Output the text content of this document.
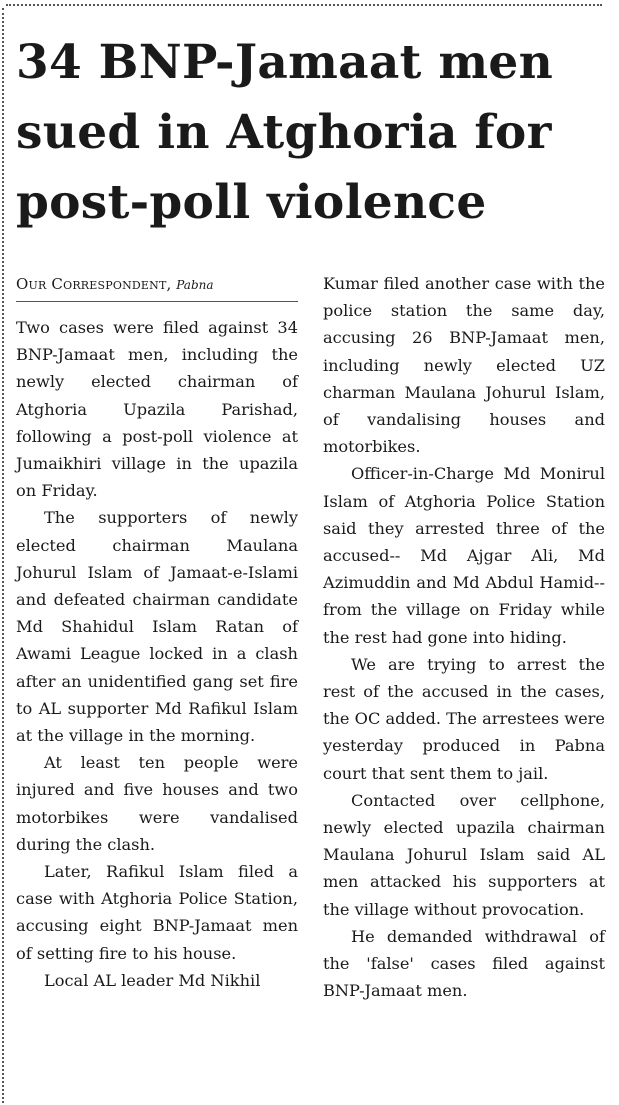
34 BNP-Jamaat men sued in Atghoria for post-poll violence
Our Correspondent, Pabna

Two cases were filed against 34 BNP-Jamaat men, including the newly elected chairman of Atghoria Upazila Parishad, following a post-poll violence at Jumaikhiri village in the upazila on Friday.

The supporters of newly elected chairman Maulana Johurul Islam of Jamaat-e-Islami and defeated chairman candidate Md Shahidul Islam Ratan of Awami League locked in a clash after an unidentified gang set fire to AL supporter Md Rafikul Islam at the village in the morning.

At least ten people were injured and five houses and two motorbikes were vandalised during the clash.

Later, Rafikul Islam filed a case with Atghoria Police Station, accusing eight BNP-Jamaat men of setting fire to his house.

Local AL leader Md Nikhil

Kumar filed another case with the police station the same day, accusing 26 BNP-Jamaat men, including newly elected UZ charman Maulana Johurul Islam, of vandalising houses and motorbikes.

Officer-in-Charge Md Monirul Islam of Atghoria Police Station said they arrested three of the accused-- Md Ajgar Ali, Md Azimuddin and Md Abdul Hamid--from the village on Friday while the rest had gone into hiding.

We are trying to arrest the rest of the accused in the cases, the OC added. The arrestees were yesterday produced in Pabna court that sent them to jail.

Contacted over cellphone, newly elected upazila chairman Maulana Johurul Islam said AL men attacked his supporters at the village without provocation.

He demanded withdrawal of the 'false' cases filed against BNP-Jamaat men.
